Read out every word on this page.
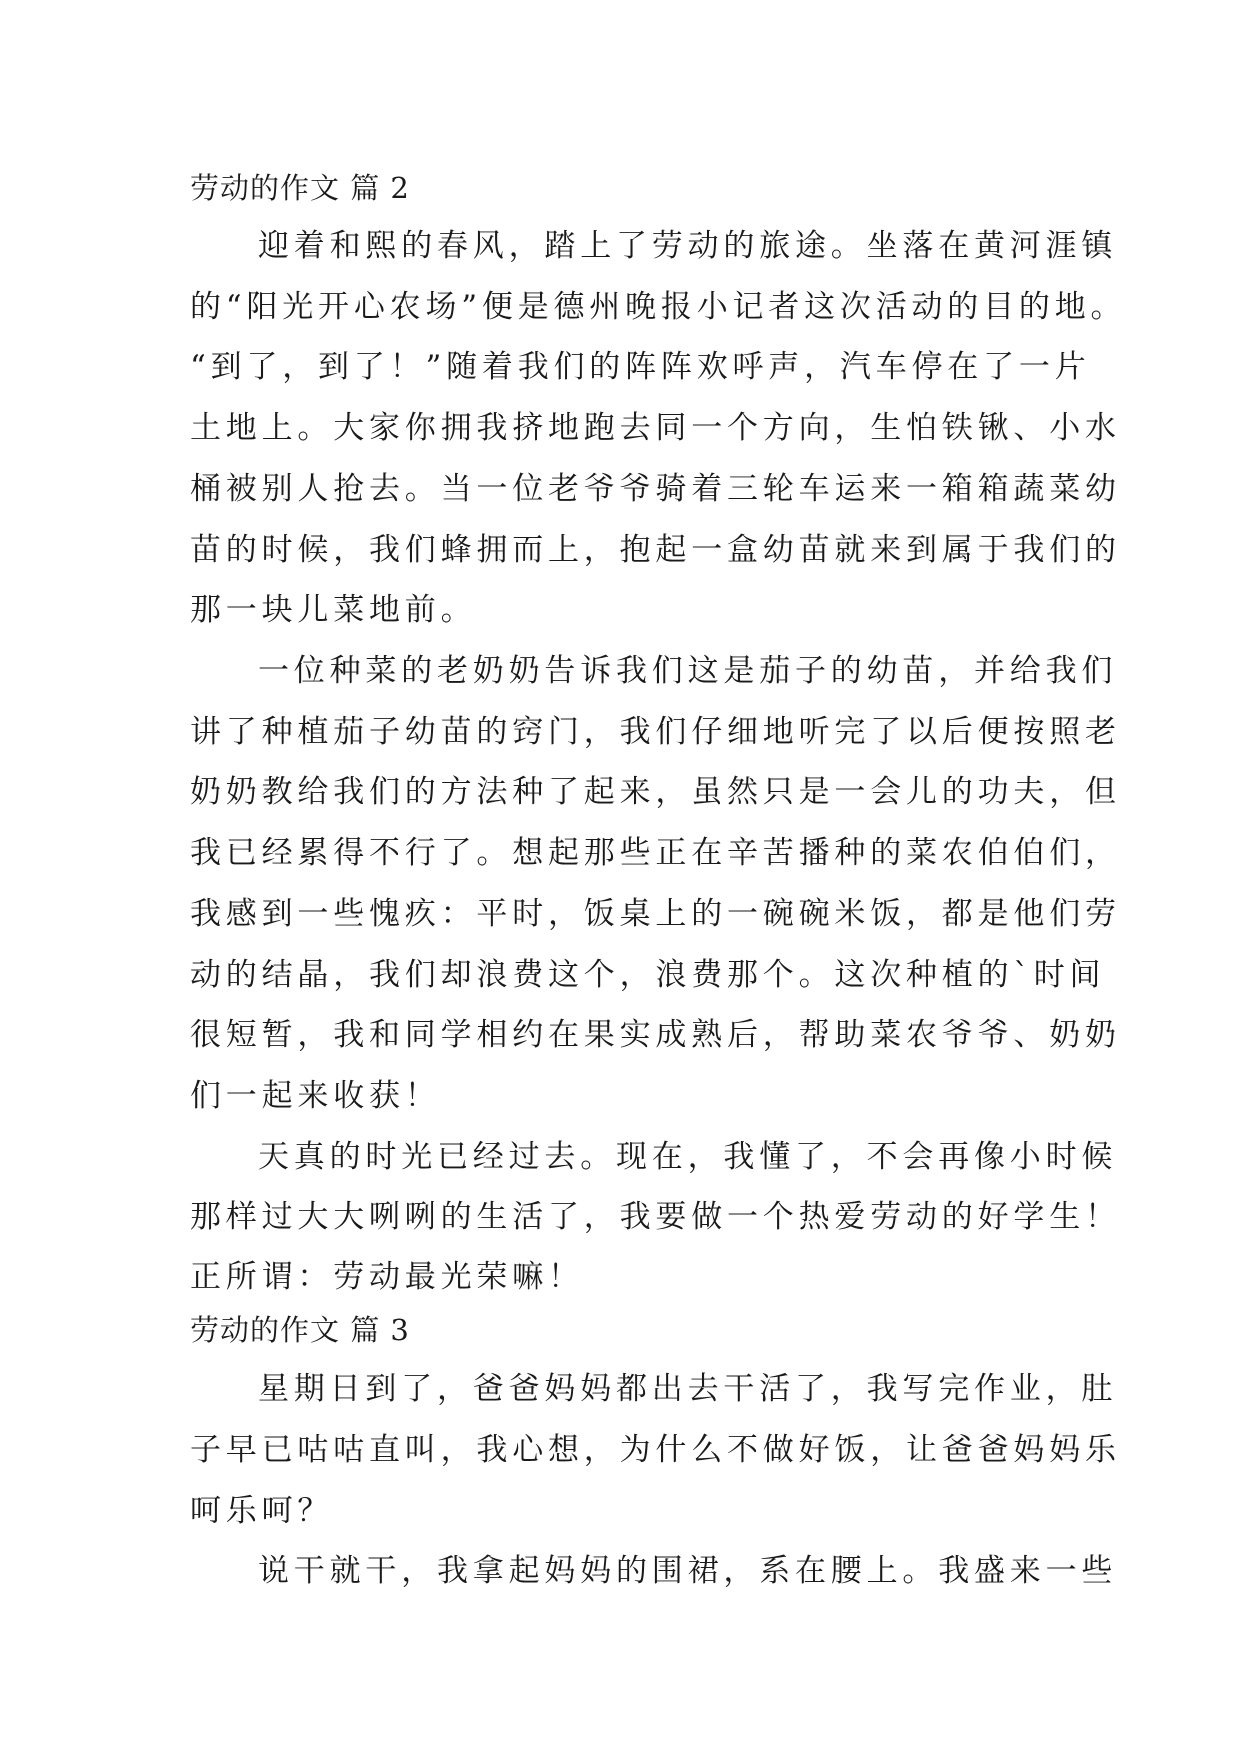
劳动的作文 篇 2
迎着和熙的春风，踏上了劳动的旅途。坐落在黄河涯镇
的“阳光开心农场”便是德州晚报小记者这次活动的目的地。
“到了，到了！”随着我们的阵阵欢呼声，汽车停在了一片
土地上。大家你拥我挤地跑去同一个方向，生怕铁锹、小水
桶被别人抢去。当一位老爷爷骑着三轮车运来一箱箱蔬菜幼
苗的时候，我们蜂拥而上，抱起一盒幼苗就来到属于我们的
那一块儿菜地前。
一位种菜的老奶奶告诉我们这是茄子的幼苗，并给我们
讲了种植茄子幼苗的窍门，我们仔细地听完了以后便按照老
奶奶教给我们的方法种了起来，虽然只是一会儿的功夫，但
我已经累得不行了。想起那些正在辛苦播种的菜农伯伯们，
我感到一些愧疚：平时，饭桌上的一碗碗米饭，都是他们劳
动的结晶，我们却浪费这个，浪费那个。这次种植的`时间
很短暂，我和同学相约在果实成熟后，帮助菜农爷爷、奶奶
们一起来收获！
天真的时光已经过去。现在，我懂了，不会再像小时候
那样过大大咧咧的生活了，我要做一个热爱劳动的好学生！
正所谓：劳动最光荣嘛！
劳动的作文 篇 3
星期日到了，爸爸妈妈都出去干活了，我写完作业，肚
子早已咕咕直叫，我心想，为什么不做好饭，让爸爸妈妈乐
呵乐呵？
说干就干，我拿起妈妈的围裙，系在腰上。我盛来一些
